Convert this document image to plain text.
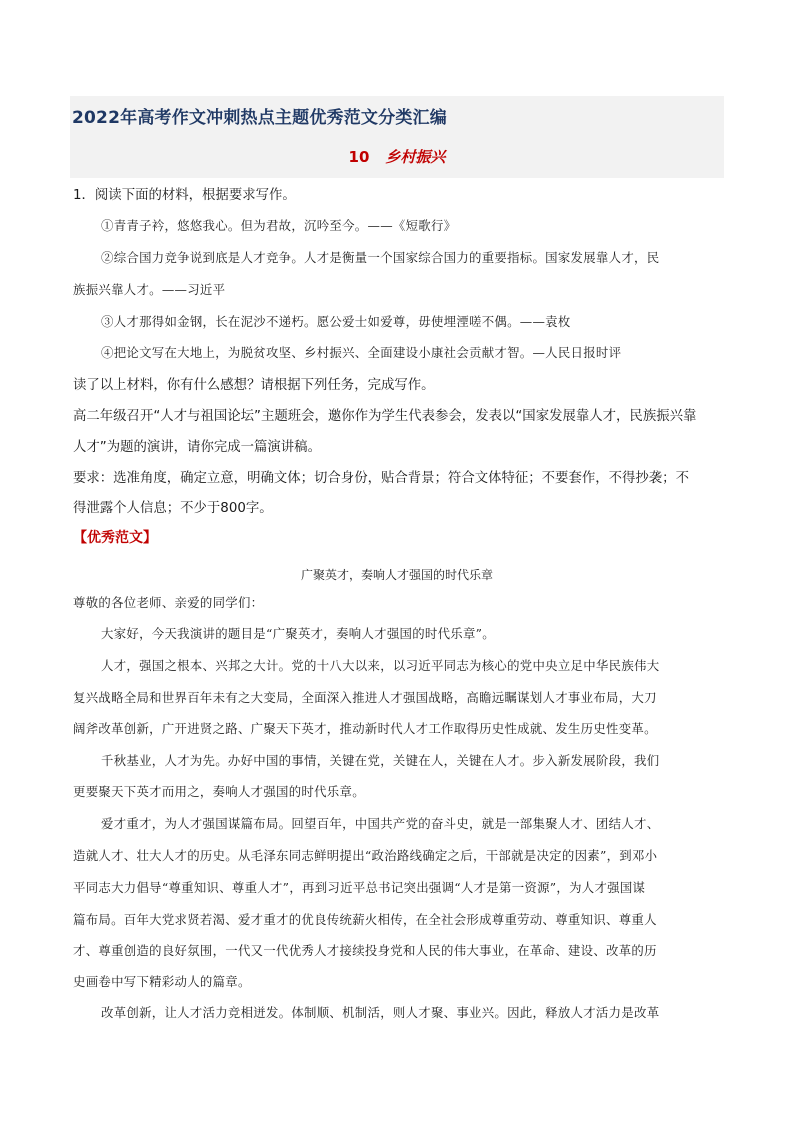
2022年高考作文冲刺热点主题优秀范文分类汇编
10 乡村振兴
1．阅读下面的材料，根据要求写作。
①青青子衿，悠悠我心。但为君故，沉吟至今。——《短歌行》
②综合国力竞争说到底是人才竞争。人才是衡量一个国家综合国力的重要指标。国家发展靠人才，民
族振兴靠人才。——习近平
③人才那得如金钢，长在泥沙不递朽。愿公爱士如爱尊，毋使埋湮嗟不偶。——袁枚
④把论文写在大地上，为脱贫攻坚、乡村振兴、全面建设小康社会贡献才智。—人民日报时评
读了以上材料，你有什么感想？请根据下列任务，完成写作。
高二年级召开“人才与祖国论坛”主题班会，邀你作为学生代表参会，发表以“国家发展靠人才，民族振兴靠
人才”为题的演讲，请你完成一篇演讲稿。
要求：选准角度，确定立意，明确文体；切合身份，贴合背景；符合文体特征；不要套作，不得抄袭；不
得泄露个人信息；不少于800字。
【优秀范文】
广聚英才，奏响人才强国的时代乐章
尊敬的各位老师、亲爱的同学们：
大家好，今天我演讲的题目是“广聚英才，奏响人才强国的时代乐章”。
人才，强国之根本、兴邦之大计。党的十八大以来，以习近平同志为核心的党中央立足中华民族伟大
复兴战略全局和世界百年未有之大变局，全面深入推进人才强国战略，高瞻远瞩谋划人才事业布局，大刀
阔斧改革创新，广开进贤之路、广聚天下英才，推动新时代人才工作取得历史性成就、发生历史性变革。
千秋基业，人才为先。办好中国的事情，关键在党，关键在人，关键在人才。步入新发展阶段，我们
更要聚天下英才而用之，奏响人才强国的时代乐章。
爱才重才，为人才强国谋篇布局。回望百年，中国共产党的奋斗史，就是一部集聚人才、团结人才、
造就人才、壮大人才的历史。从毛泽东同志鲜明提出“政治路线确定之后，干部就是决定的因素”，到邓小
平同志大力倡导“尊重知识、尊重人才”，再到习近平总书记突出强调“人才是第一资源”，为人才强国谋
篇布局。百年大党求贤若渴、爱才重才的优良传统薪火相传，在全社会形成尊重劳动、尊重知识、尊重人
才、尊重创造的良好氛围，一代又一代优秀人才接续投身党和人民的伟大事业，在革命、建设、改革的历
史画卷中写下精彩动人的篇章。
改革创新，让人才活力竞相迸发。体制顺、机制活，则人才聚、事业兴。因此，释放人才活力是改革
